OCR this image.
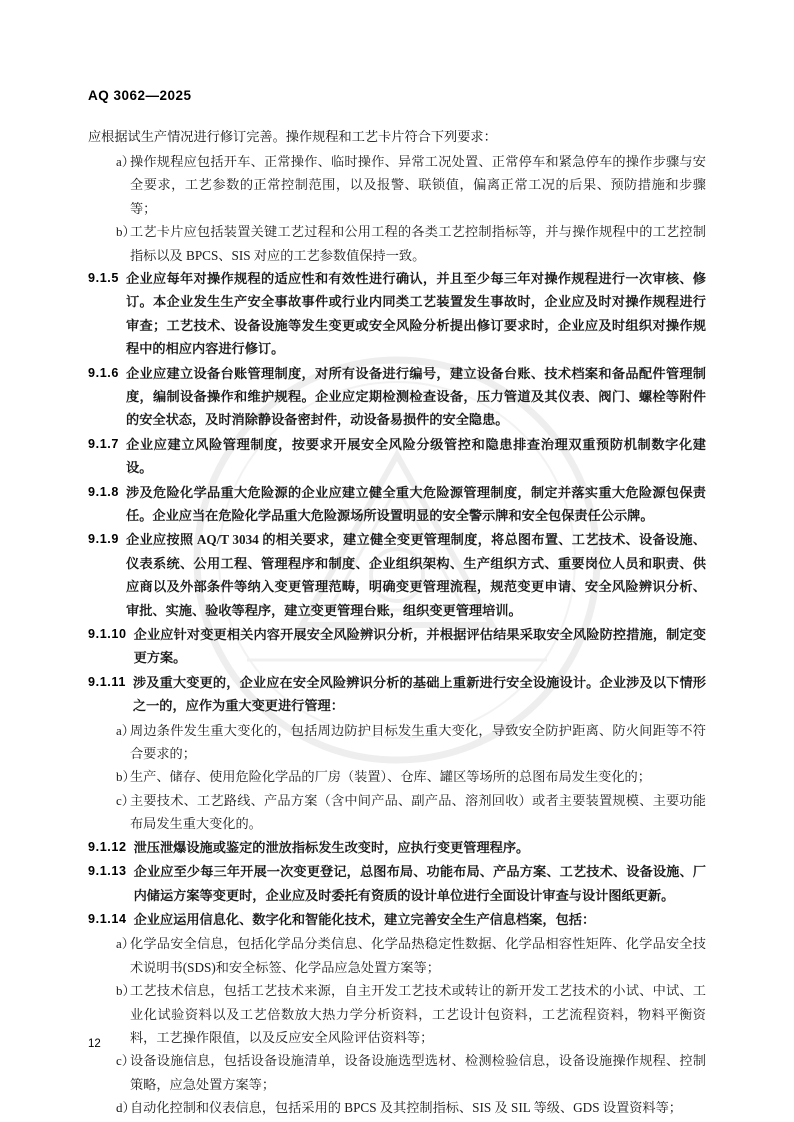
AQ 3062—2025

应根据试生产情况进行修订完善。操作规程和工艺卡片符合下列要求：

a）
操作规程应包括开车、正常操作、临时操作、异常工况处置、正常停车和紧急停车的操作步骤与安全要求，工艺参数的正常控制范围，以及报警、联锁值，偏离正常工况的后果、预防措施和步骤等；
b）
工艺卡片应包括装置关键工艺过程和公用工程的各类工艺控制指标等，并与操作规程中的工艺控制指标以及 BPCS、SIS 对应的工艺参数值保持一致。
9.1.5 企业应每年对操作规程的适应性和有效性进行确认，并且至少每三年对操作规程进行一次审核、修订。本企业发生生产安全事故事件或行业内同类工艺装置发生事故时，企业应及时对操作规程进行审查；工艺技术、设备设施等发生变更或安全风险分析提出修订要求时，企业应及时组织对操作规程中的相应内容进行修订。
9.1.6 企业应建立设备台账管理制度，对所有设备进行编号，建立设备台账、技术档案和备品配件管理制度，编制设备操作和维护规程。企业应定期检测检查设备，压力管道及其仪表、阀门、螺栓等附件的安全状态，及时消除静设备密封件，动设备易损件的安全隐患。
9.1.7 企业应建立风险管理制度，按要求开展安全风险分级管控和隐患排查治理双重预防机制数字化建设。
9.1.8 涉及危险化学品重大危险源的企业应建立健全重大危险源管理制度，制定并落实重大危险源包保责任。企业应当在危险化学品重大危险源场所设置明显的安全警示牌和安全包保责任公示牌。
9.1.9 企业应按照 AQ/T 3034 的相关要求，建立健全变更管理制度，将总图布置、工艺技术、设备设施、仪表系统、公用工程、管理程序和制度、企业组织架构、生产组织方式、重要岗位人员和职责、供应商以及外部条件等纳入变更管理范畴，明确变更管理流程，规范变更申请、安全风险辨识分析、审批、实施、验收等程序，建立变更管理台账，组织变更管理培训。
9.1.10 企业应针对变更相关内容开展安全风险辨识分析，并根据评估结果采取安全风险防控措施，制定变更方案。
9.1.11 涉及重大变更的，企业应在安全风险辨识分析的基础上重新进行安全设施设计。企业涉及以下情形之一的，应作为重大变更进行管理：
a）
周边条件发生重大变化的，包括周边防护目标发生重大变化，导致安全防护距离、防火间距等不符合要求的；
b）
生产、储存、使用危险化学品的厂房（装置）、仓库、罐区等场所的总图布局发生变化的；
c）
主要技术、工艺路线、产品方案（含中间产品、副产品、溶剂回收）或者主要装置规模、主要功能布局发生重大变化的。
9.1.12 泄压泄爆设施或鉴定的泄放指标发生改变时，应执行变更管理程序。
9.1.13 企业应至少每三年开展一次变更登记，总图布局、功能布局、产品方案、工艺技术、设备设施、厂内储运方案等变更时，企业应及时委托有资质的设计单位进行全面设计审查与设计图纸更新。
9.1.14 企业应运用信息化、数字化和智能化技术，建立完善安全生产信息档案，包括：
a）
化学品安全信息，包括化学品分类信息、化学品热稳定性数据、化学品相容性矩阵、化学品安全技术说明书(SDS)和安全标签、化学品应急处置方案等；
b）
工艺技术信息，包括工艺技术来源，自主开发工艺技术或转让的新开发工艺技术的小试、中试、工业化试验资料以及工艺倍数放大热力学分析资料，工艺设计包资料，工艺流程资料，物料平衡资料，工艺操作限值，以及反应安全风险评估资料等；
c）
设备设施信息，包括设备设施清单，设备设施选型选材、检测检验信息，设备设施操作规程、控制策略，应急处置方案等；
d）
自动化控制和仪表信息，包括采用的 BPCS 及其控制指标、SIS 及 SIL 等级、GDS 设置资料等；
12
